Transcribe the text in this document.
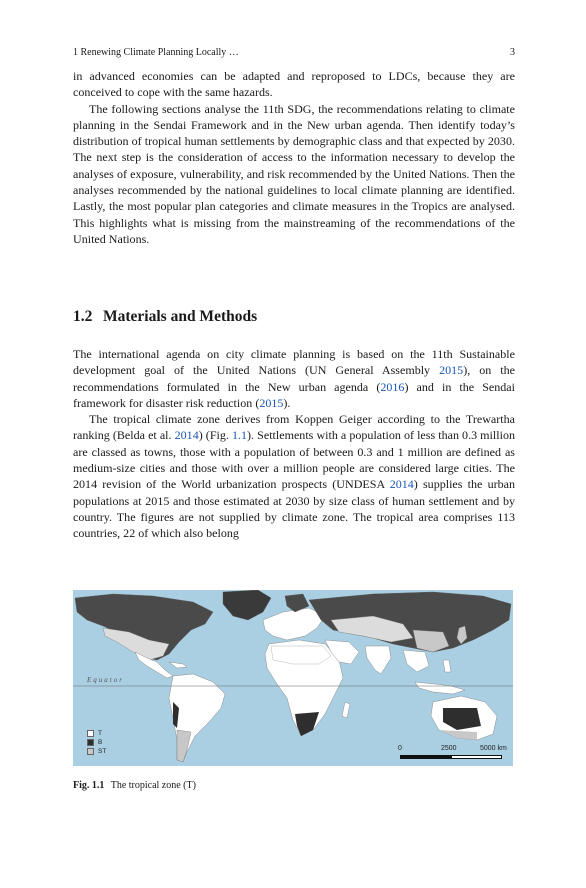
1 Renewing Climate Planning Locally …	3

in advanced economies can be adapted and reproposed to LDCs, because they are conceived to cope with the same hazards.

The following sections analyse the 11th SDG, the recommendations relating to climate planning in the Sendai Framework and in the New urban agenda. Then identify today’s distribution of tropical human settlements by demographic class and that expected by 2030. The next step is the consideration of access to the information necessary to develop the analyses of exposure, vulnerability, and risk recommended by the United Nations. Then the analyses recommended by the national guidelines to local climate planning are identified. Lastly, the most popular plan categories and climate measures in the Tropics are analysed. This highlights what is missing from the mainstreaming of the recommendations of the United Nations.

1.2 Materials and Methods

The international agenda on city climate planning is based on the 11th Sustainable development goal of the United Nations (UN General Assembly 2015), on the recommendations formulated in the New urban agenda (2016) and in the Sendai framework for disaster risk reduction (2015).

The tropical climate zone derives from Koppen Geiger according to the Trewartha ranking (Belda et al. 2014) (Fig. 1.1). Settlements with a population of less than 0.3 million are classed as towns, those with a population of between 0.3 and 1 million are defined as medium-size cities and those with over a million people are considered large cities. The 2014 revision of the World urbanization prospects (UNDESA 2014) supplies the urban populations at 2015 and those estimated at 2030 by size class of human settlement and by country. The figures are not supplied by climate zone. The tropical area comprises 113 countries, 22 of which also belong

Equator
T
B
ST	0	2500	5000 km
Fig. 1.1 The tropical zone (T)
